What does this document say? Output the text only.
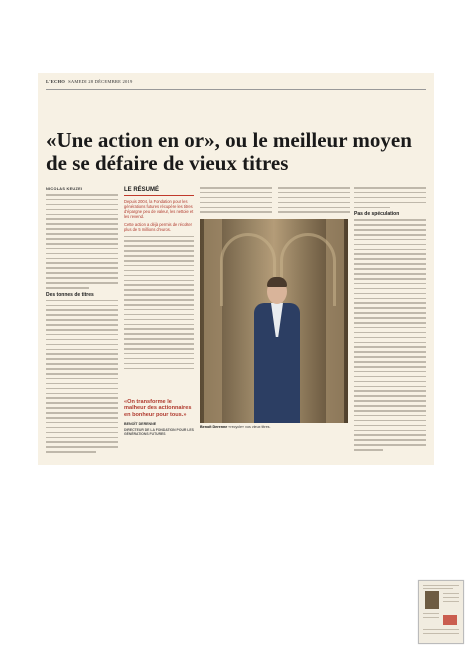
L'ECHO SAMEDI 28 DÉCEMBRE 2019
«Une action en or», ou le meilleur moyen de se défaire de vieux titres
NICOLAS KEUZEI
Des tonnes de titres
LE RÉSUMÉ

Depuis 2004, la Fondation pour les générations futures récupère les titres d'épargne peu de valeur, les nettoie et les revend.

Cette action a déjà permis de récolter plus de 5 millions d'euros.

«On transforme le malheur des actionnaires en bonheur pour tous.»
BENOÎT DERENNE
DIRECTEUR DE LA FONDATION POUR LES GÉNÉRATIONS FUTURES
Pas de spéculation
Benoît Derenne «recycle» vos vieux titres.
